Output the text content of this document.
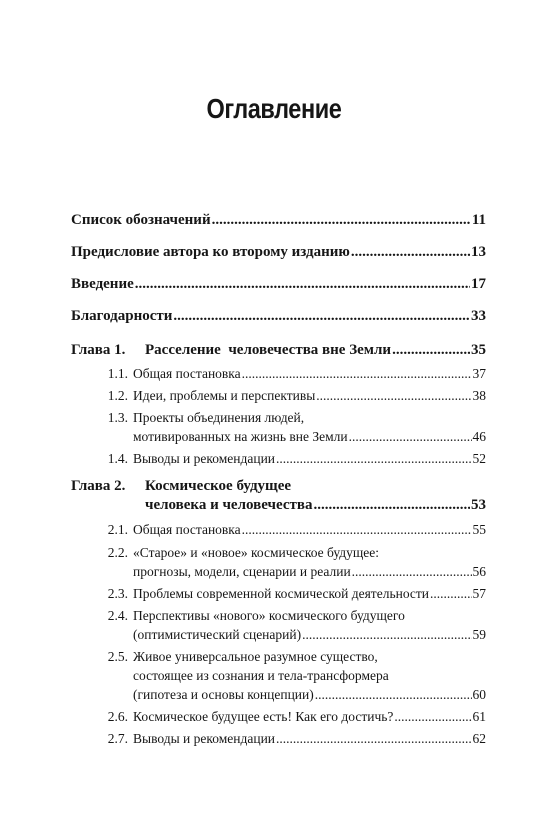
Оглавление
Список обозначений .....	11
Предисловие автора ко второму изданию .....	13
Введение .....	17
Благодарности .....	33
Глава 1. Расселение  человечества вне Земли .....	35
1.1. Общая постановка .....	37
1.2. Идеи, проблемы и перспективы .....	38
1.3. Проекты объединения людей,
мотивированных на жизнь вне Земли .....	46
1.4. Выводы и рекомендации .....	52
Глава 2. Космическое будущее
человека и человечества .....	53
2.1. Общая постановка .....	55
2.2. «Старое» и «новое» космическое будущее:
прогнозы, модели, сценарии и реалии .....	56
2.3. Проблемы современной космической деятельности .....	57
2.4. Перспективы «нового» космического будущего
(оптимистический сценарий) .....	59
2.5. Живое универсальное разумное существо,
состоящее из сознания и тела-трансформера
(гипотеза и основы концепции) .....	60
2.6. Космическое будущее есть! Как его достичь? .....	61
2.7. Выводы и рекомендации .....	62
